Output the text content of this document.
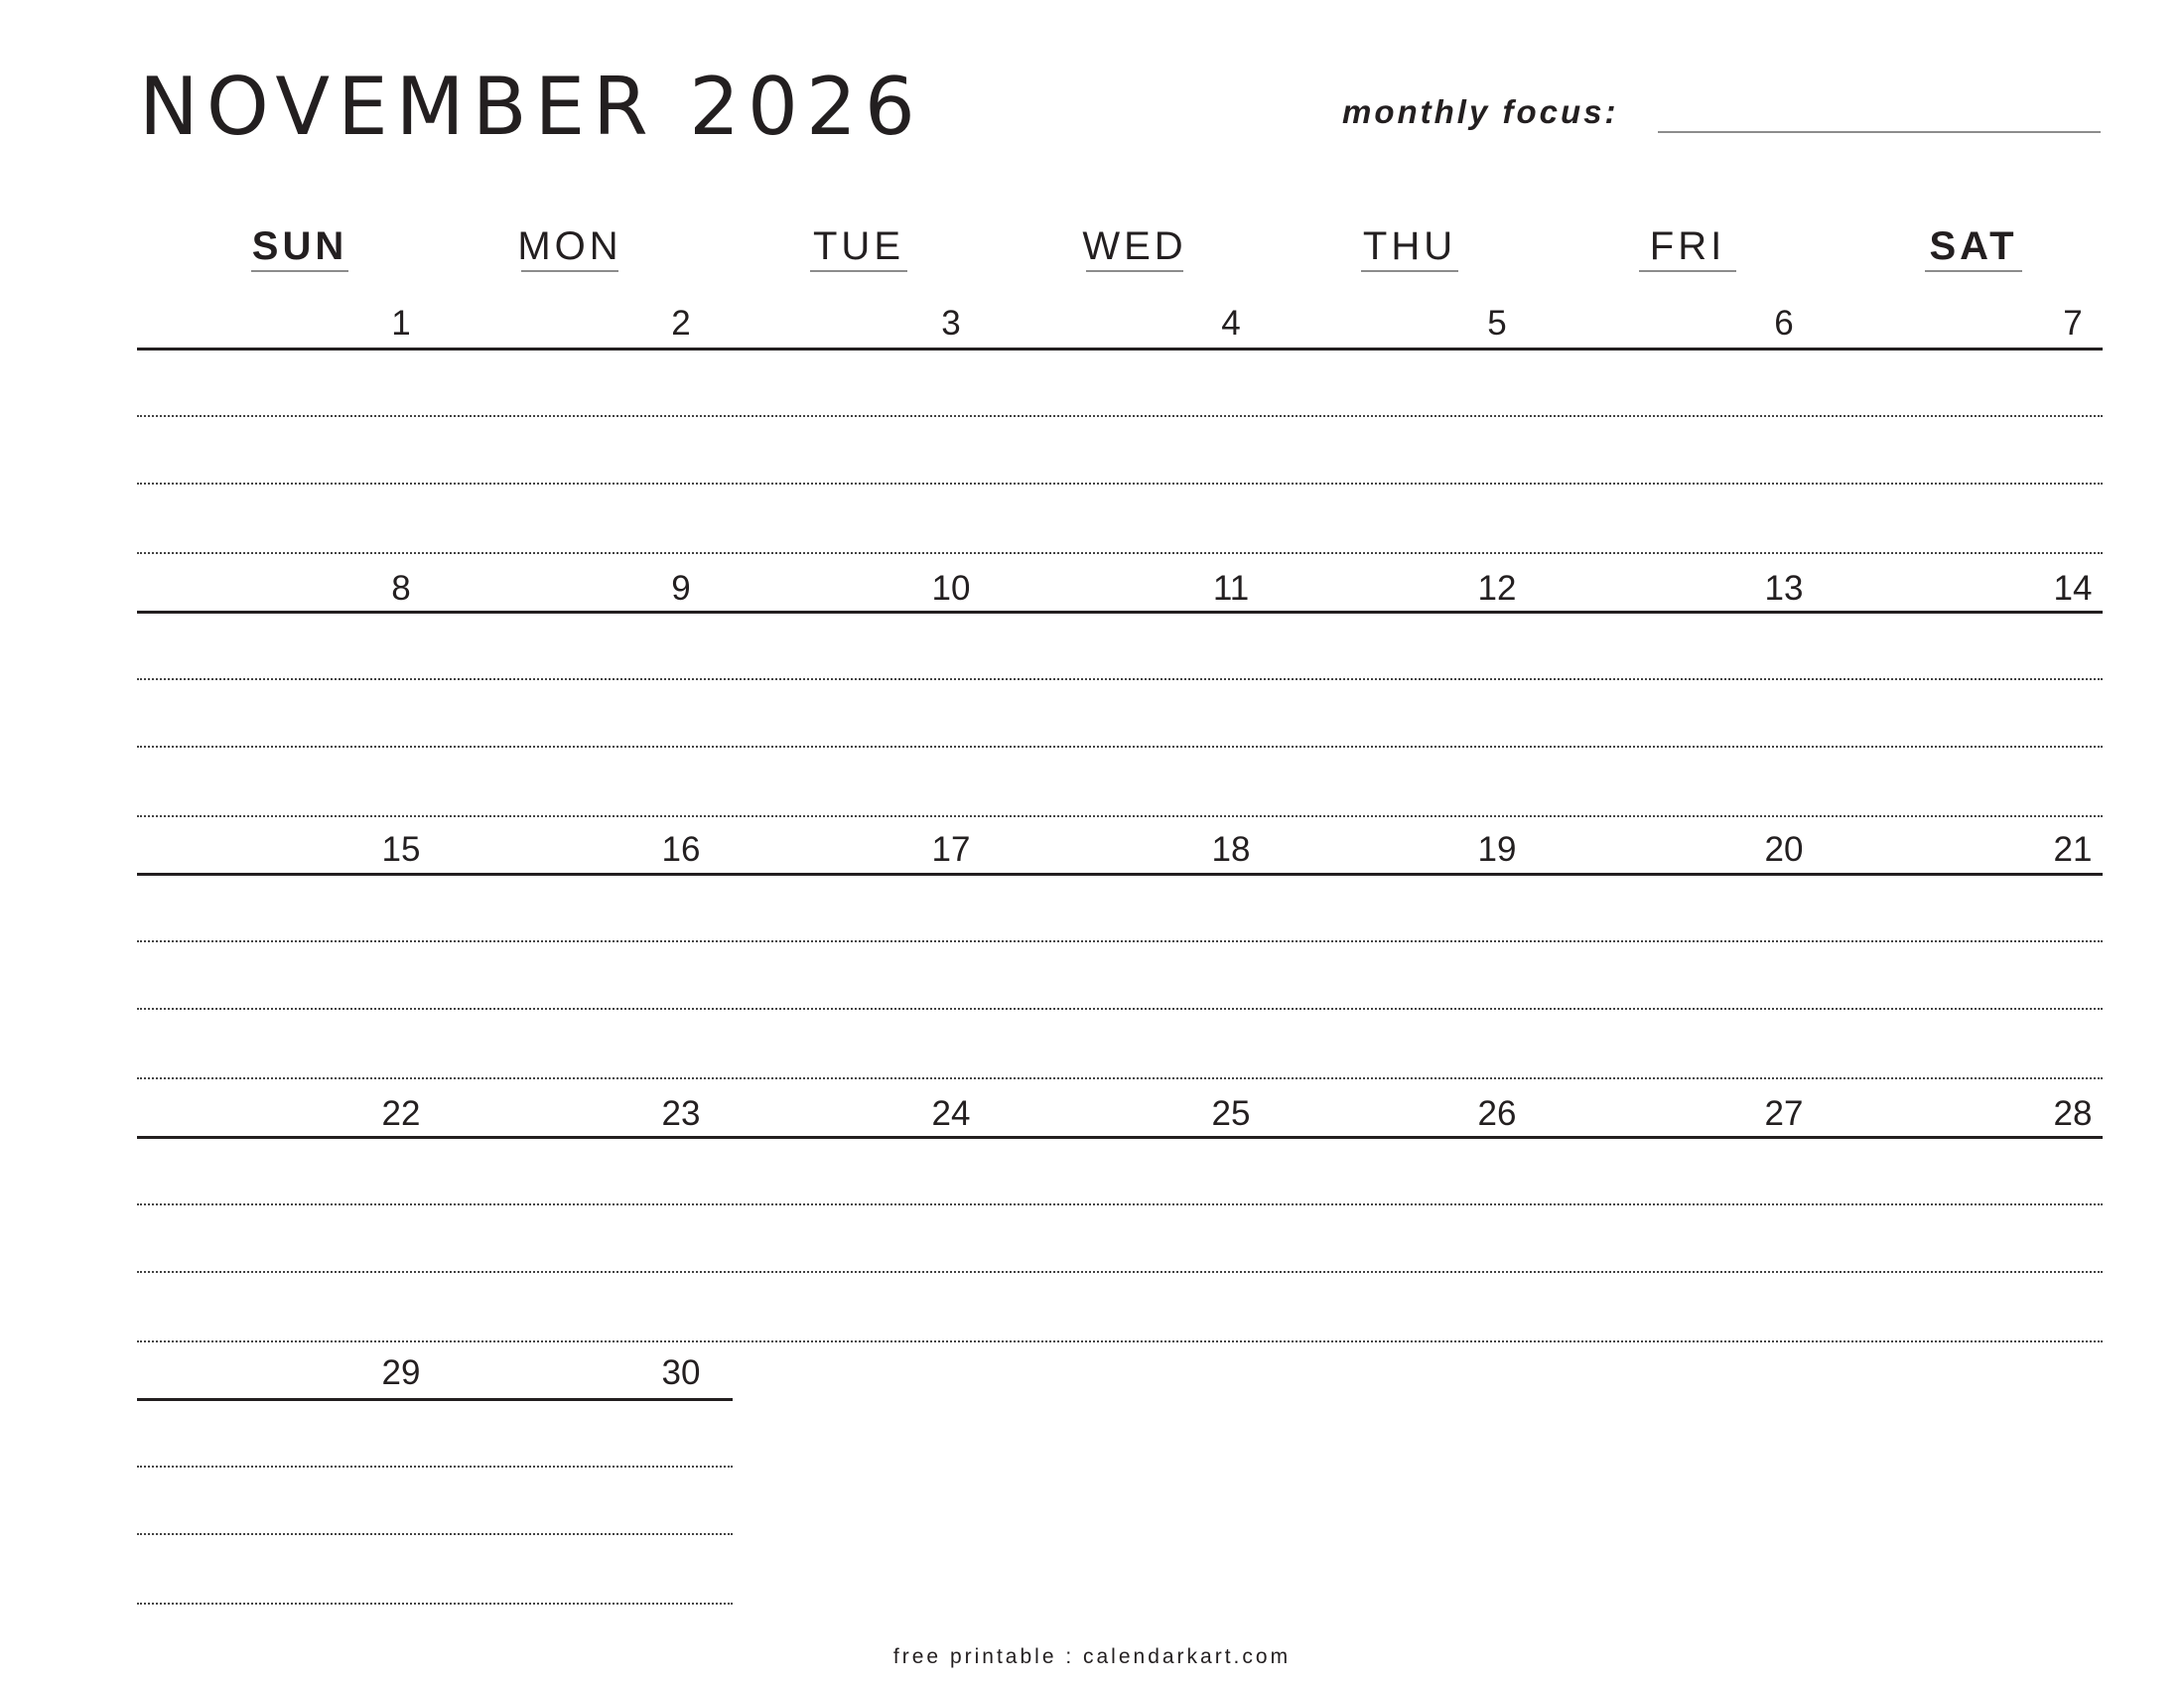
NOVEMBER 2026	monthly focus:
SUN	MON	TUE	WED	THU	FRI	SAT
1	2	3	4	5	6	7
8	9	10	11	12	13	14
15	16	17	18	19	20	21
22	23	24	25	26	27	28
29	30
free printable : calendarkart.com
